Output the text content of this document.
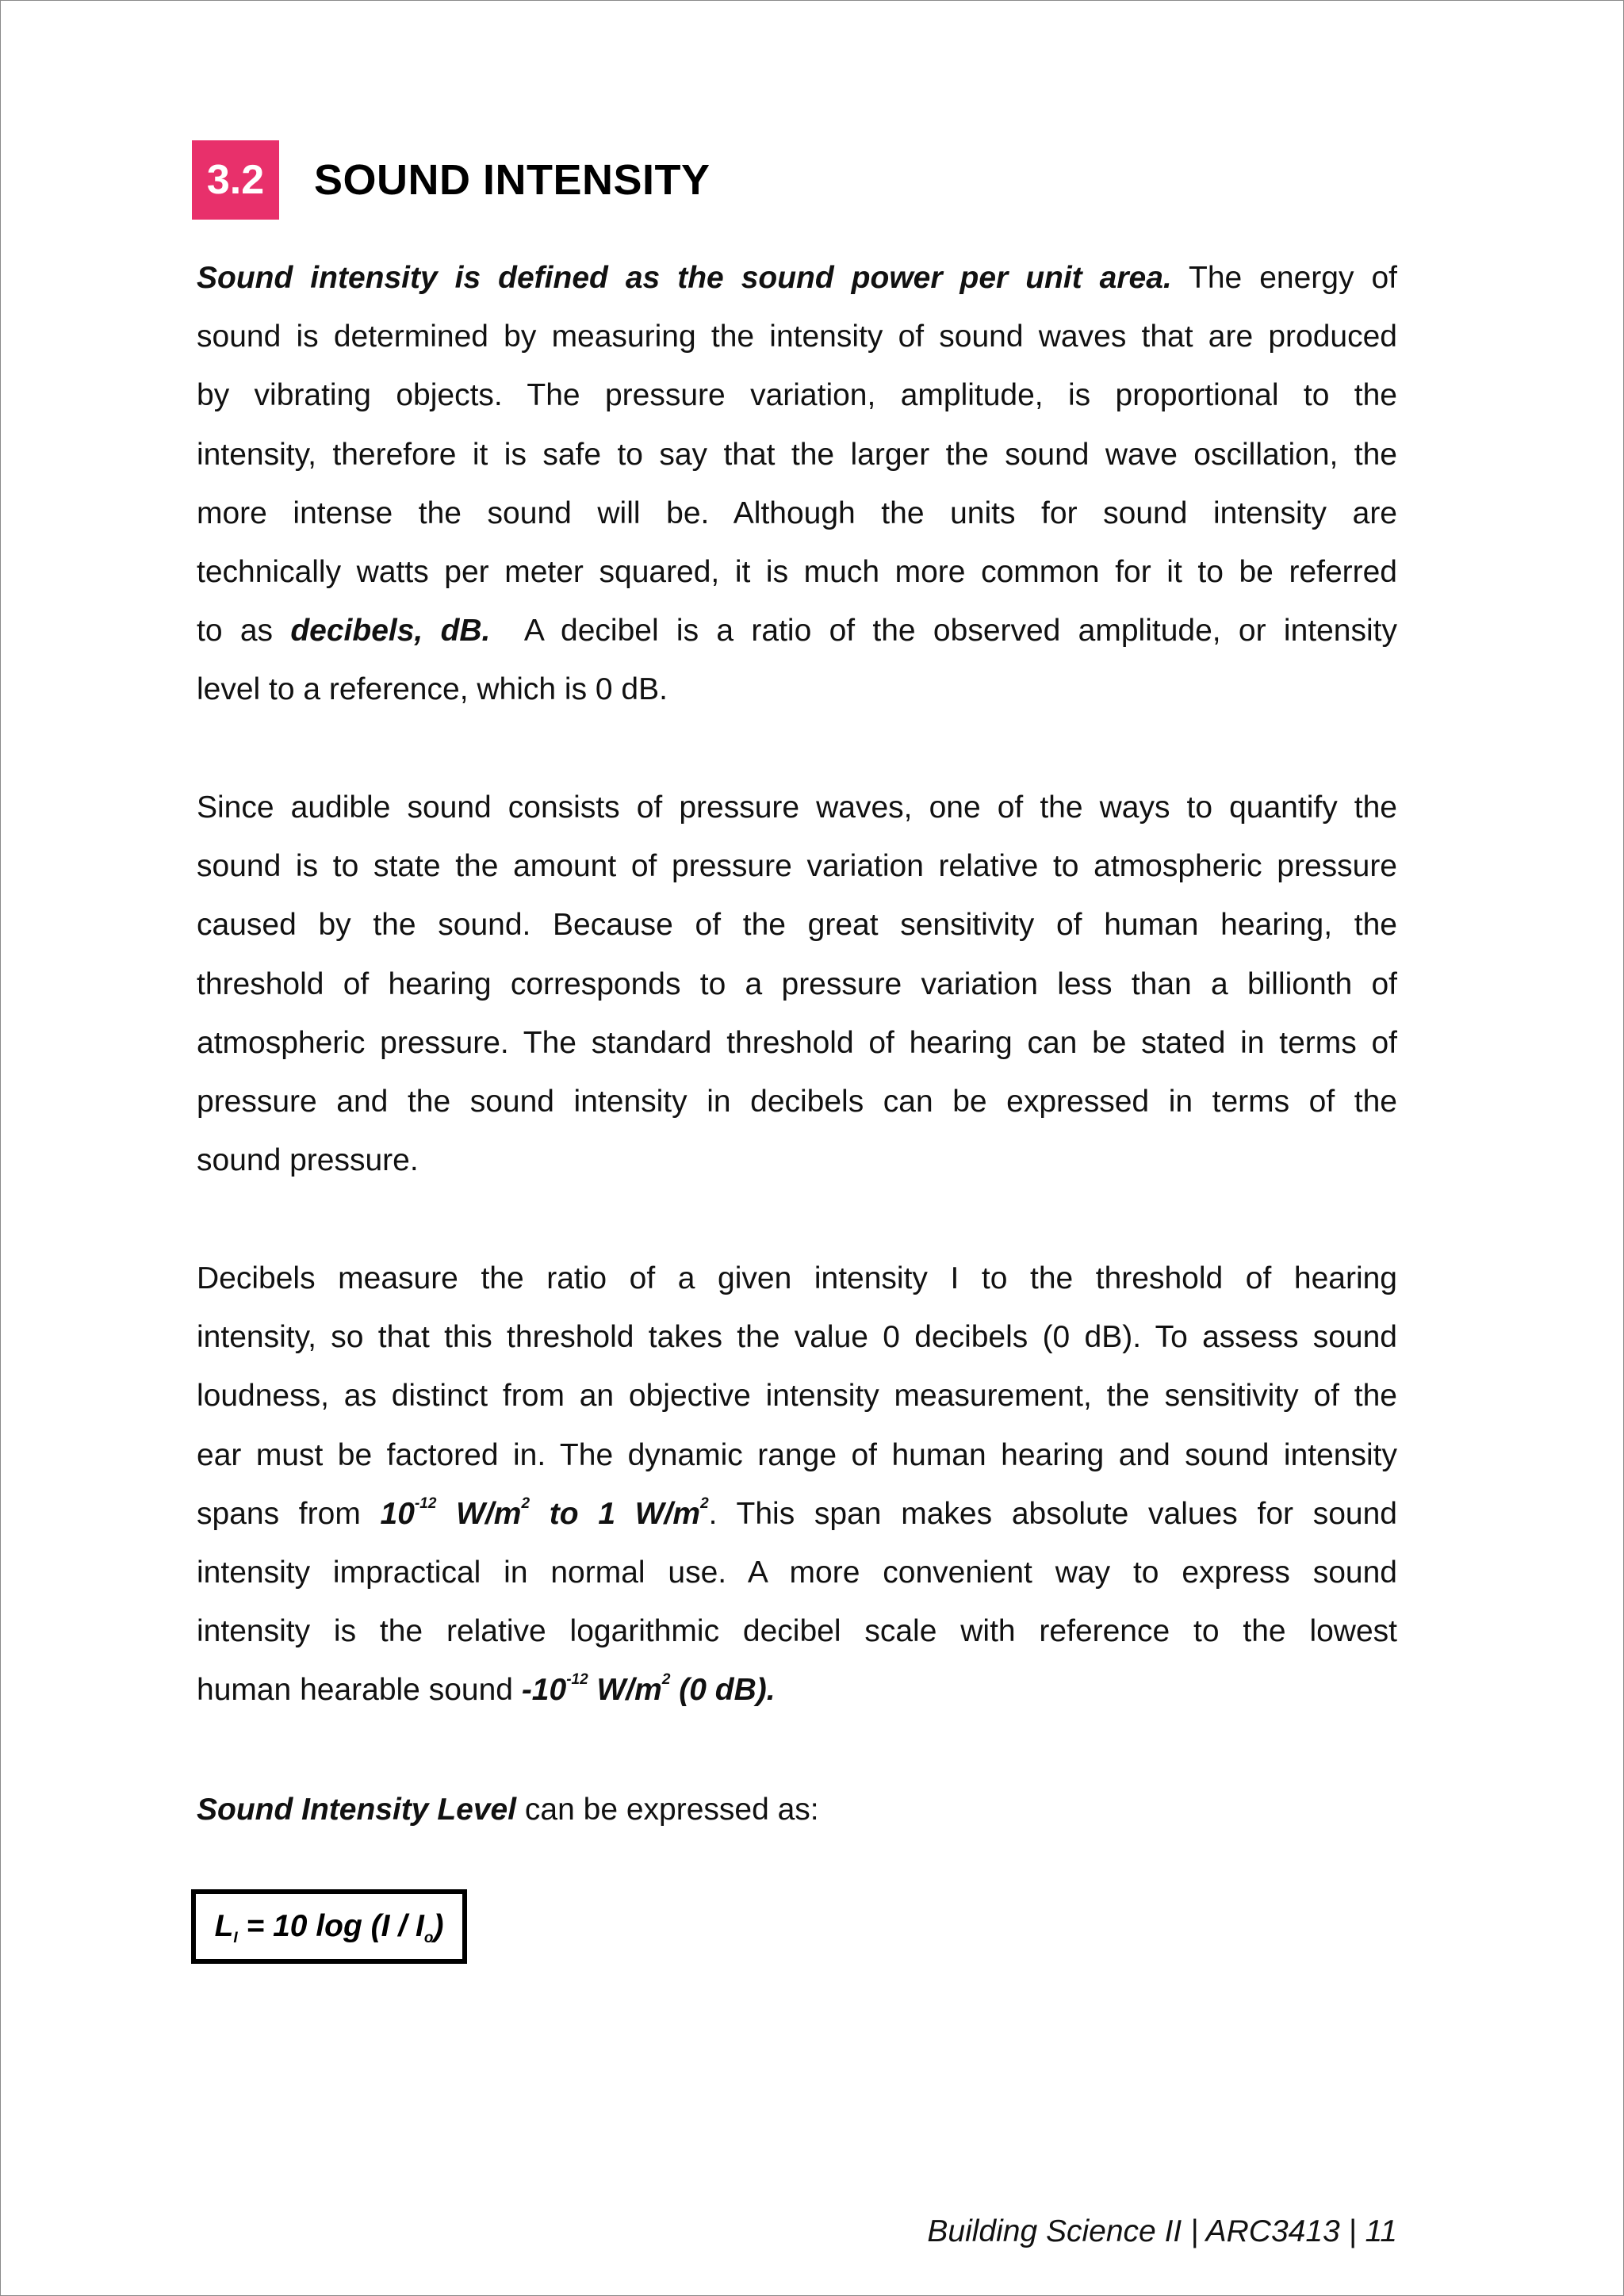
3.2	SOUND INTENSITY
Sound intensity is defined as the sound power per unit area. The energy of
sound is determined by measuring the intensity of sound waves that are produced
by vibrating objects. The pressure variation, amplitude, is proportional to the
intensity, therefore it is safe to say that the larger the sound wave oscillation, the
more intense the sound will be. Although the units for sound intensity are
technically watts per meter squared, it is much more common for it to be referred
to as decibels, dB.  A decibel is a ratio of the observed amplitude, or intensity
level to a reference, which is 0 dB.
Since audible sound consists of pressure waves, one of the ways to quantify the
sound is to state the amount of pressure variation relative to atmospheric pressure
caused by the sound. Because of the great sensitivity of human hearing, the
threshold of hearing corresponds to a pressure variation less than a billionth of
atmospheric pressure. The standard threshold of hearing can be stated in terms of
pressure and the sound intensity in decibels can be expressed in terms of the
sound pressure.
Decibels measure the ratio of a given intensity I to the threshold of hearing
intensity, so that this threshold takes the value 0 decibels (0 dB). To assess sound
loudness, as distinct from an objective intensity measurement, the sensitivity of the
ear must be factored in. The dynamic range of human hearing and sound intensity
spans from $10^{-12}$ $W/m^2$ to 1 $W/m^2$. This span makes absolute values for sound
intensity impractical in normal use. A more convenient way to express sound
intensity is the relative logarithmic decibel scale with reference to the lowest
human hearable sound $-10^{-12}$ $W/m^2$ (0 dB).
Sound Intensity Level can be expressed as:
$L_I = 10$ $\log (I / I_o)$
Building Science II | ARC3413 | 11
